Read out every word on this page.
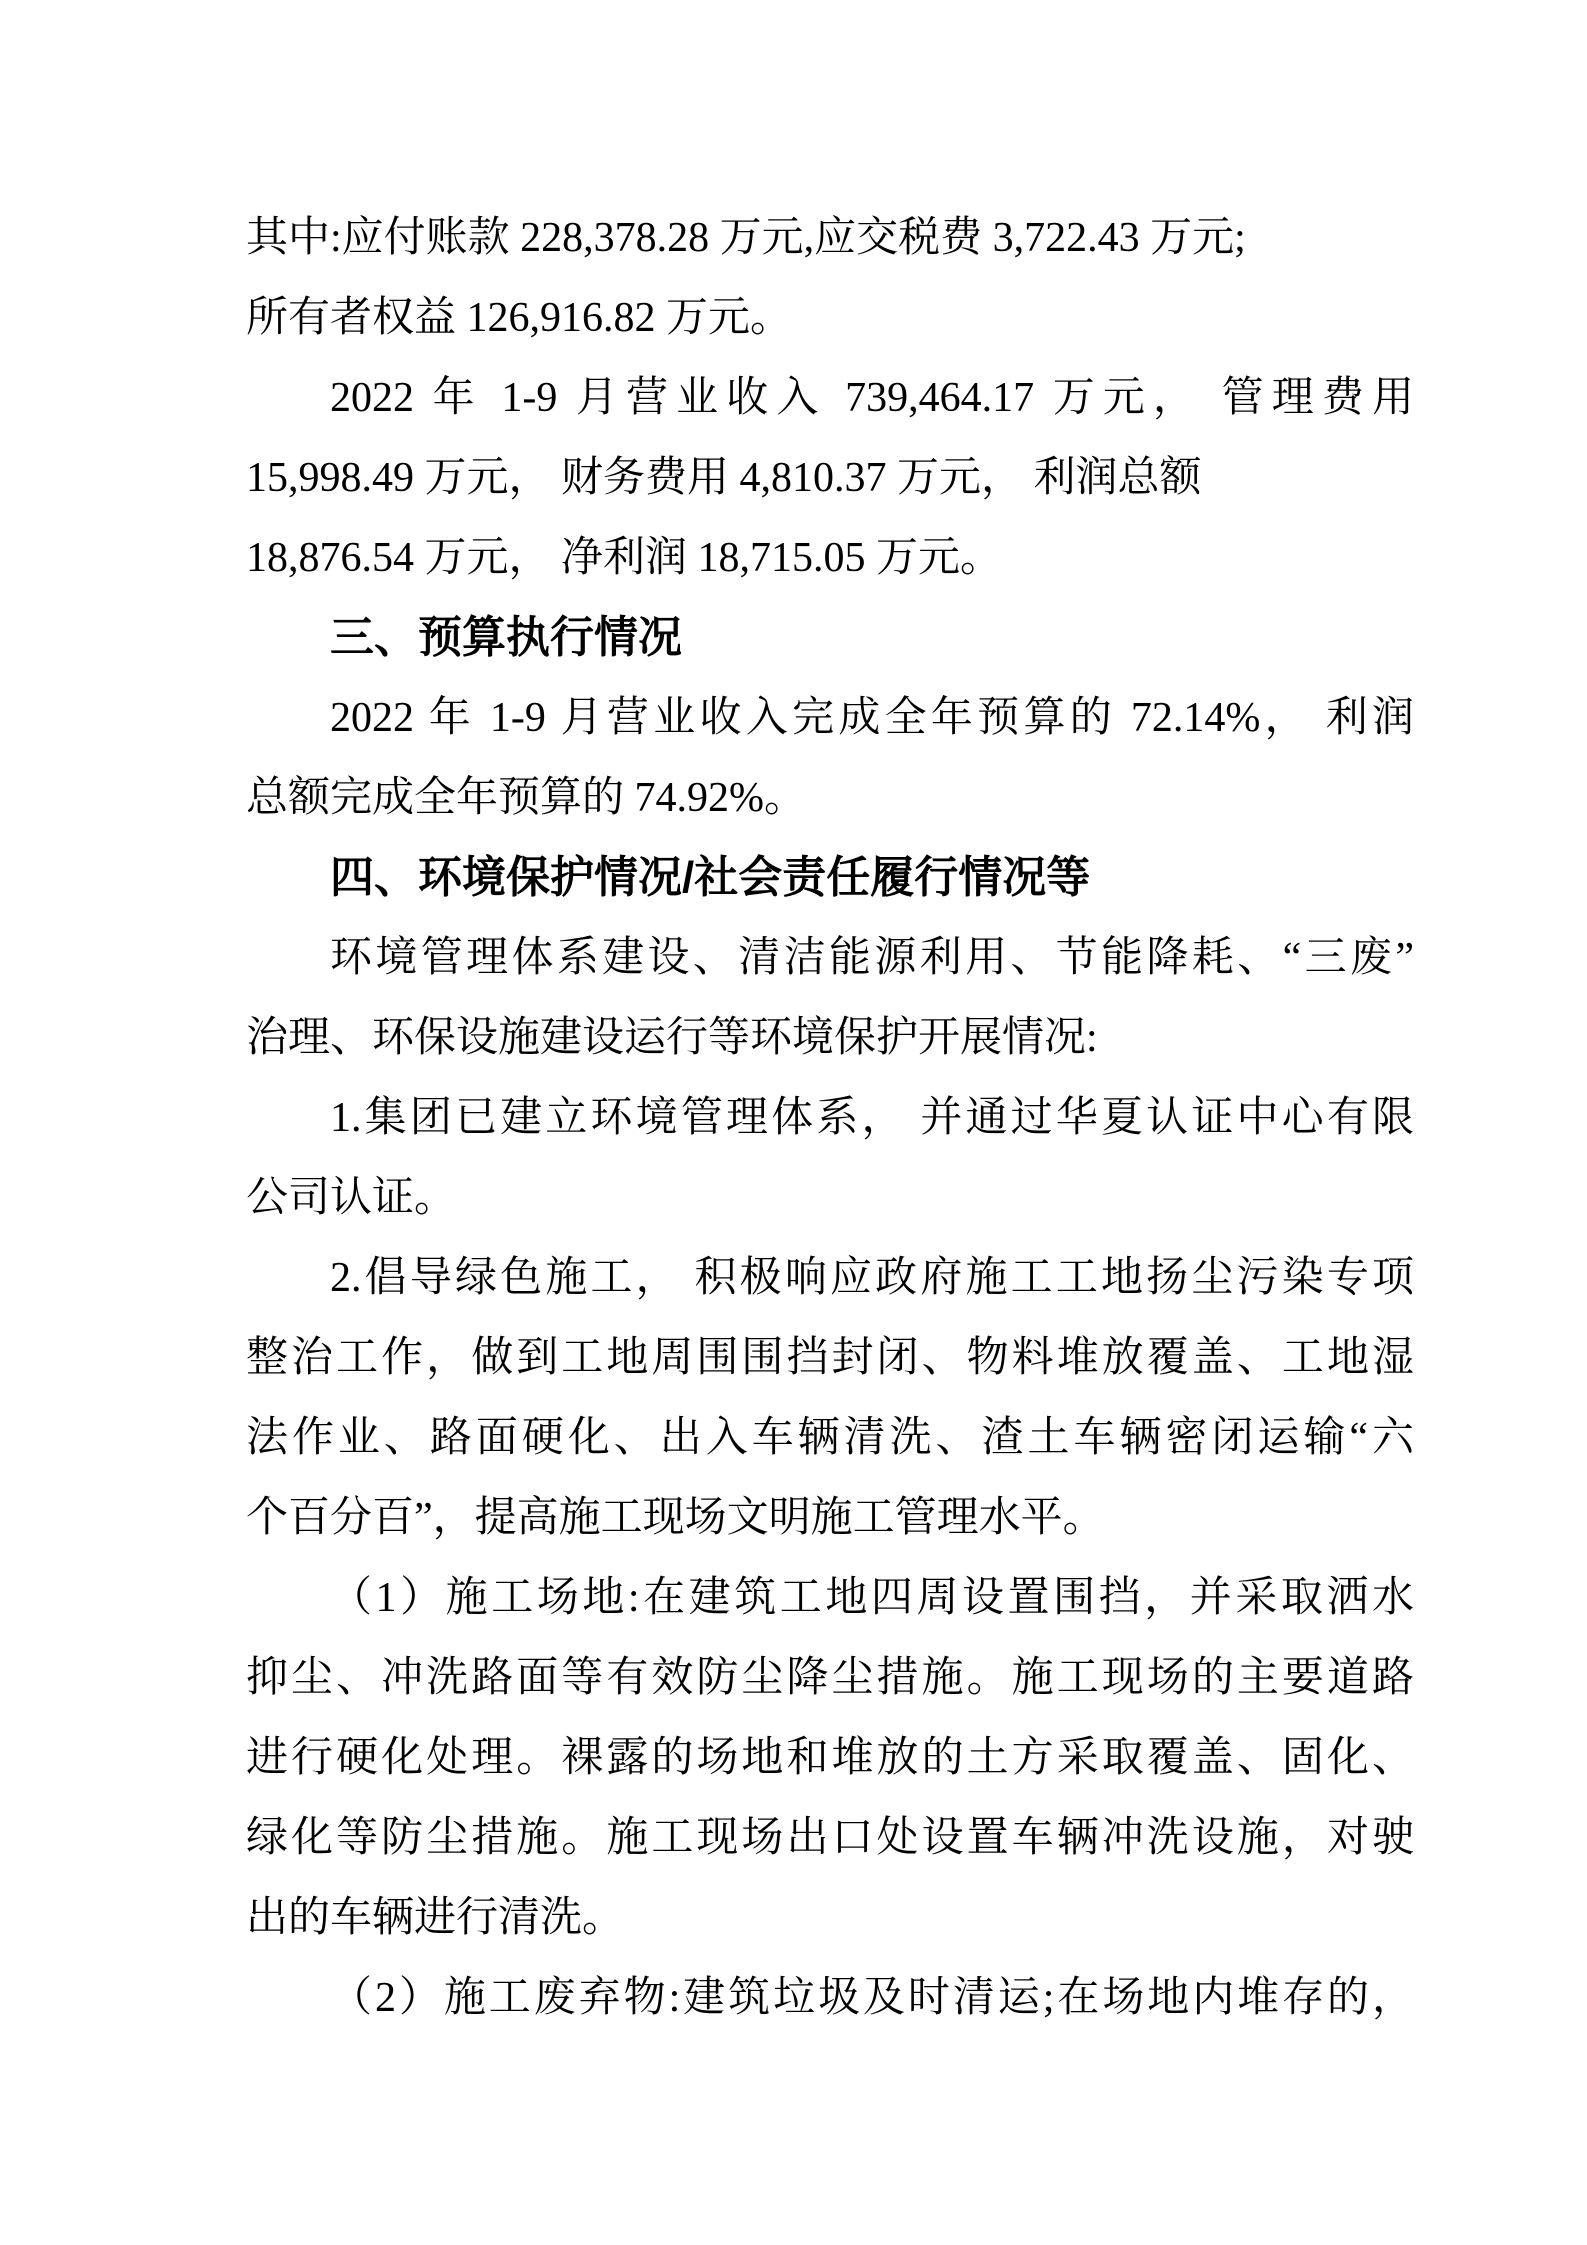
其中:应付账款 228,378.28 万元,应交税费 3,722.43 万元;
所有者权益 126,916.82 万元。
2022 年 1-9 月营业收入 739,464.17 万元， 管理费用
15,998.49 万元， 财务费用 4,810.37 万元， 利润总额
18,876.54 万元， 净利润 18,715.05 万元。
三、预算执行情况
2022 年 1-9 月营业收入完成全年预算的 72.14%， 利润
总额完成全年预算的 74.92%。
四、环境保护情况/社会责任履行情况等
环境管理体系建设、清洁能源利用、节能降耗、“三废”
治理、环保设施建设运行等环境保护开展情况:
1.集团已建立环境管理体系， 并通过华夏认证中心有限
公司认证。
2.倡导绿色施工， 积极响应政府施工工地扬尘污染专项
整治工作，做到工地周围围挡封闭、物料堆放覆盖、工地湿
法作业、路面硬化、出入车辆清洗、渣土车辆密闭运输“六
个百分百”，提高施工现场文明施工管理水平。
（1）施工场地:在建筑工地四周设置围挡，并采取洒水
抑尘、冲洗路面等有效防尘降尘措施。施工现场的主要道路
进行硬化处理。裸露的场地和堆放的土方采取覆盖、固化、
绿化等防尘措施。施工现场出口处设置车辆冲洗设施，对驶
出的车辆进行清洗。
（2）施工废弃物:建筑垃圾及时清运;在场地内堆存的，
